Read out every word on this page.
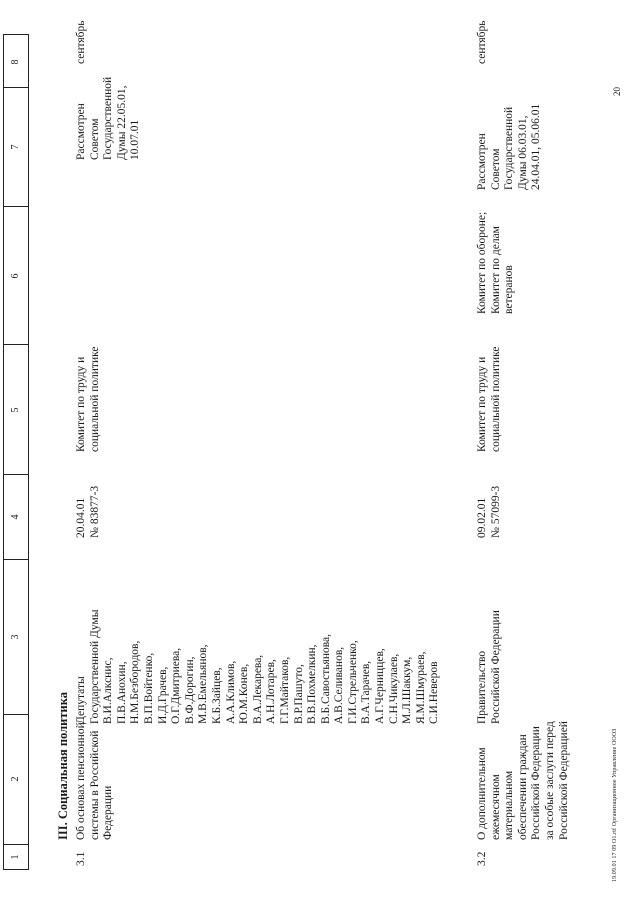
1
2
3
4
5
6
7
8
III. Социальная политика
3.1
Об основах пенсионной
системы в Российской
Федерации
Депутаты
Государственной Думы
В.И.Алкснис,
П.В.Анохин,
Н.М.Безбородов,
В.П.Войтенко,
И.Д.Грачев,
О.Г.Дмитриева,
В.Ф.Дорогин,
М.В.Емельянов,
К.Б.Зайцев,
А.А.Климов,
Ю.М.Конев,
В.А.Лекарева,
А.Н.Лотарев,
Г.Г.Майтаков,
В.Р.Пашуто,
В.В.Похмелкин,
В.Б.Савостьянова,
А.В.Селиванов,
Г.И.Стрельченко,
В.А.Тарачев,
А.Г.Черниццев,
С.Н.Чикулаев,
М.Л.Шаккум,
Я.М.Шмураев,
С.И.Неверов
20.04.01
№ 83877-3
Комитет по труду и
социальной политике
Рассмотрен
Советом
Государственной
Думы 22.05.01,
10.07.01
сентябрь
3.2
О дополнительном
ежемесячном
материальном
обеспечении граждан
Российской Федерации
за особые заслуги перед
Российской Федерацией
Правительство
Российской Федерации
09.02.01
№ 57099-3
Комитет по труду и
социальной политике
Комитет по обороне;
Комитет по делам
ветеранов
Рассмотрен
Советом
Государственной
Думы 06.03.01,
24.04.01, 05.06.01
сентябрь
19.09.01 17 09 O1.rtf Организационное Управление ОООЗ
20
